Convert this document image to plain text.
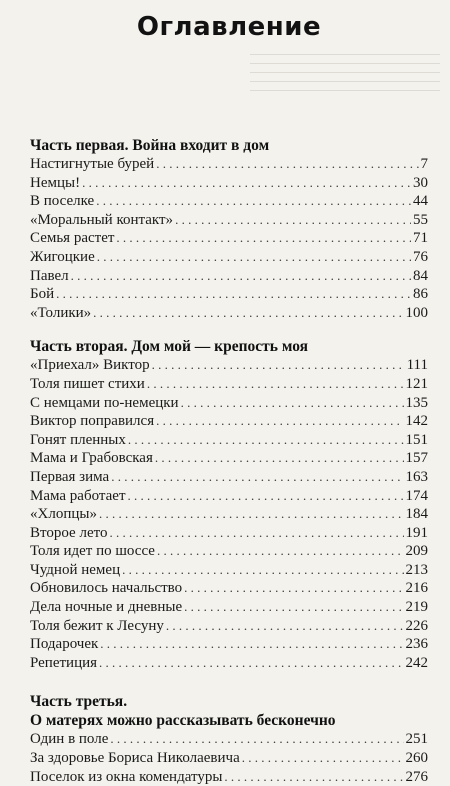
Оглавление
Часть первая. Война входит в дом
Настигнутые бурей . . .	7
Немцы! . . .	30
В поселке . . .	44
«Моральный контакт» . . .	55
Семья растет . . .	71
Жигоцкие . . .	76
Павел . . .	84
Бой . . .	86
«Толики» . . .	100
Часть вторая. Дом мой — крепость моя
«Приехал» Виктор . . .	111
Толя пишет стихи . . .	121
С немцами по-немецки . . .	135
Виктор поправился . . .	142
Гонят пленных . . .	151
Мама и Грабовская . . .	157
Первая зима . . .	163
Мама работает . . .	174
«Хлопцы» . . .	184
Второе лето . . .	191
Толя идет по шоссе . . .	209
Чудной немец . . .	213
Обновилось начальство . . .	216
Дела ночные и дневные . . .	219
Толя бежит к Лесуну . . .	226
Подарочек . . .	236
Репетиция . . .	242
Часть третья.
О матерях можно рассказывать бесконечно
Один в поле . . .	251
За здоровье Бориса Николаевича . . .	260
Поселок из окна комендатуры . . .	276
